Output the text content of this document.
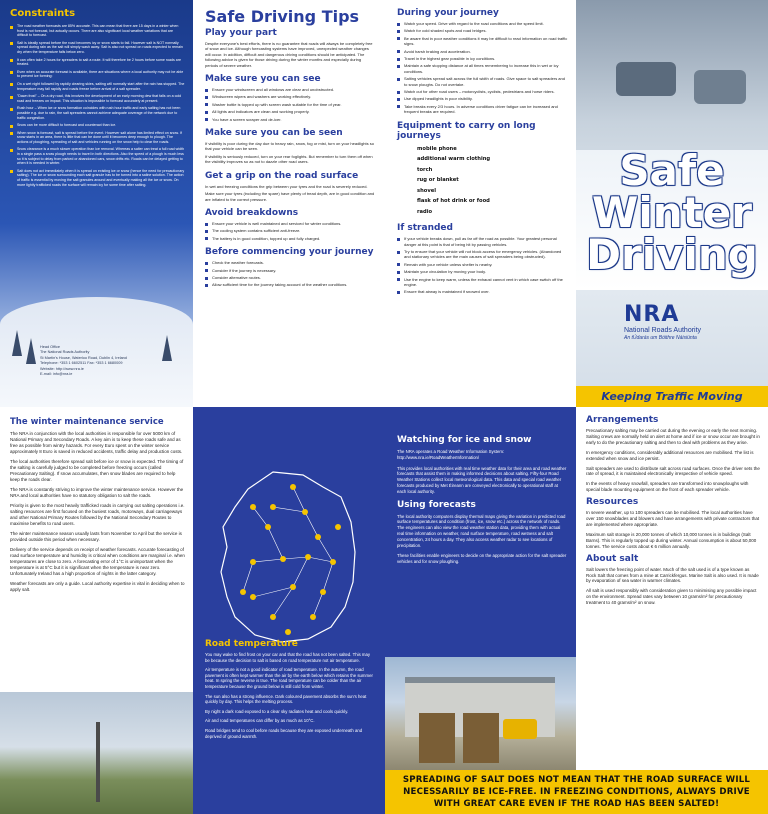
Constraints
The road weather forecasts are 85% accurate. This can mean that there are 15 days in a winter when frost is not forecast, but actually occurs. There are also significant local weather variations that are difficult to forecast.
Salt is ideally spread before the road becomes icy or snow starts to fall. However salt is NOT normally spread during rain as the salt will simply wash away. Salt is also not spread on roads expected to remain dry when the temperature falls below zero.
It can often take 2 hours for spreaders to salt a route. It will therefore be 2 hours before some roads are treated.
Even when an accurate forecast is available, there are situations where a local authority may not be able to prevent ice forming:
On a wet night followed by rapidly clearing skies, salting will normally start after the rain has stopped. The temperature may fall rapidly and roads freeze before arrival of a salt spreader.
"Dawn frost" – On a dry road, this involves the development of an early morning dew that falls on a cold road and freezes on impact. This situation is impossible to forecast accurately at present.
Rush hour – When ice or snow formation coincides with rush hour traffic and early salting has not been possible e.g. due to rain, the salt spreaders cannot achieve adequate coverage of the network due to traffic congestion.
Snow can be more difficult to forecast and counteract than ice.
When snow is forecast, salt is spread before the event. However salt alone has limited effect on snow. If snow starts in an area, there is little that can be done until it becomes deep enough to plough. The actions of ploughing, spreading of salt and vehicles running on the snow help to clear the roads.
Snow clearance is a much slower operation than ice removal. Whereas a salter can treat a full road width in a single pass a snow plough needs to travel in both directions. Also the speed of a plough is much less so it is subject to delay from parked or abandoned cars, snow drifts etc. Roads can be delayed getting to when it is needed in winter.
Salt does not act immediately when it is spread on existing ice or snow (hence the need for precautionary salting). The ice or snow surrounding each salt granule has to be turned into a saline solution. The action of traffic is essential by moving the salt granules around and eventually making all the ice or snow. On more lightly trafficked roads the surface will remain icy for some time after salting.
Head Office
The National Roads Authority
St Martin's House, Waterloo Road, Dublin 4, Ireland
Telephone: *353 1 6602511 Fax: *353 1 6680009
Website: http://www.nra.ie
E-mail: info@nra.ie
Safe Driving Tips
Play your part
Despite everyone's best efforts, there is no guarantee that roads will always be completely free of snow and ice. Although forecasting systems have improved, unexpected weather changes will occur. In addition, difficult and dangerous driving conditions should be anticipated. The following advice is given for those driving during the winter months and especially during periods of severe weather.
Make sure you can see
Ensure your windscreen and all windows are clear and unobstructed.
Windscreen wipers and washers are working effectively.
Washer bottle is topped up with screen wash suitable for the time of year.
All lights and indicators are clean and working properly.
You have a screen scraper and de-icer.
Make sure you can be seen
If visibility is poor during the day due to heavy rain, snow, fog or mist, turn on your headlights so that your vehicle can be seen.
If visibility is seriously reduced, turn on your rear foglights. But remember to turn them off when the visibility improves so as not to dazzle other road users.
Get a grip on the road surface
In wet and freezing conditions the grip between your tyres and the road is severely reduced.
Make sure your tyres (including the spare) have plenty of tread depth, are in good condition and are inflated to the correct pressure.
Avoid breakdowns
Ensure your vehicle is well maintained and serviced for winter conditions.
The cooling system contains sufficient anti-freeze.
The battery is in good condition, topped up and fully charged.
Before commencing your journey
Check the weather forecasts.
Consider if the journey is necessary.
Consider alternative routes.
Allow sufficient time for the journey taking account of the weather conditions.
During your journey
Watch your speed. Drive with regard to the road conditions and the speed limit.
Watch for cold shaded spots and road bridges.
Be aware that in poor weather conditions it may be difficult to read information on road traffic signs.
Avoid harsh braking and acceleration.
Travel in the highest gear possible in icy conditions.
Maintain a safe stopping distance at all times remembering to increase this in wet or icy conditions.
Salting vehicles spread salt across the full width of roads. Give space to salt spreaders and to snow ploughs. Do not overtake.
Watch out for other road users – motorcyclists, cyclists, pedestrians and horse riders.
Use dipped headlights in poor visibility.
Take breaks every 2/3 hours. In adverse conditions driver fatigue can be increased and frequent breaks are required.
Equipment to carry on long journeys
mobile phone
additional warm clothing
torch
rug or blanket
shovel
flask of hot drink or food
radio
If stranded
If your vehicle breaks down, pull as far off the road as possible. Your greatest personal danger at this point is that of being hit by passing vehicles.
Try to ensure that your vehicle will not block access for emergency vehicles. (Abandoned and stationary vehicles are the main causes of salt spreaders being obstructed).
Remain with your vehicle unless shelter is nearby.
Maintain your circulation by moving your body.
Use the engine to keep warm, unless the exhaust cannot vent in which case switch off the engine.
Ensure that airway is maintained if snowed over.
Safe
Winter
Driving
NRA
National Roads Authority
An tÚdarás um Bóithre Náisiúnta
Keeping Traffic Moving
The winter maintenance service
The NRA in conjunction with the local authorities is responsible for over 5000 km of National Primary and Secondary Roads. A key aim is to keep these roads safe and as free as possible from wintry hazards. For every Euro spent on the winter service approximately 8 Euro is saved in reduced accidents, traffic delay and production costs.
The local authorities therefore spread salt before ice or snow is expected. The timing of the salting is carefully judged to be completed before freezing occurs (called Precautionary Salting). If snow accumulates, then snow blades are required to help keep the roads clear.
The NRA is constantly striving to improve the winter maintenance service. However the NRA and local authorities have no statutory obligation to salt the roads.
Priority is given to the most heavily trafficked roads in carrying out salting operations i.e. salting resources are first focused on the busiest roads, motorways, dual carriageways and other National Primary Routes followed by the National Secondary Routes to maximise benefits to road users.
The winter maintenance season usually lasts from November to April but the service is provided outside this period when necessary.
Delivery of the service depends on receipt of weather forecasts. Accurate forecasting of road surface temperature and humidity is critical when conditions are marginal i.e. when temperatures are close to zero. A forecasting error of 1°C is unimportant when the temperature is at 5°C but it is significant when the temperature is near zero. Unfortunately Ireland has a high proportion of nights in the latter category.
Weather forecasts are only a guide. Local authority expertise is vital in deciding when to apply salt.
Road temperature
You may wake to find frost on your car and that the road has not been salted. This may be because the decision to salt is based on road temperature not air temperature.
Air temperature is not a good indicator of road temperature. In the autumn, the road pavement is often kept warmer than the air by the earth below which retains the summer heat. In spring the reverse is true. The road temperature can be colder than the air temperature because the ground below is still cold from winter.
The sun also has a strong influence. Dark coloured pavement absorbs the sun's heat quickly by day. This helps the melting process.
By night a dark road exposed to a clear sky radiates heat and cools quickly.
Air and road temperatures can differ by as much as 10°C.
Road bridges tend to cool before roads because they are exposed underneath and deprived of ground warmth.
Watching for ice and snow
The NRA operates a Road Weather Information System: http://www.nra.ie/RoadWeatherInformation/
This provides local authorities with real time weather data for their area and road weather forecasts that assist them in making informed decisions about salting. Fifty-four Road Weather Stations collect local meteorological data. This data and special road weather forecasts produced by Met Éireann are conveyed electronically to operational staff at each local authority.
Using forecasts
The local authority computers display thermal maps giving the variation in predicted road surface temperatures and condition (frost, ice, snow etc.) across the network of roads. The engineers can also view the road weather station data, providing them with actual real time information on weather, road surface temperature, road wetness and salt concentration, 24 hours a day. They also access weather radar to see locations of precipitation.
These facilities enable engineers to decide on the appropriate action for the salt spreader vehicles and for snow ploughing.
Arrangements
Precautionary salting may be carried out during the evening or early the next morning. Salting crews are normally held on alert at home and if ice or snow occur are brought in early to do the precautionary salting and then to deal with problems as they arise.
In emergency conditions, considerably additional resources are mobilised. The list is extended when snow and ice persist.
Salt spreaders are used to distribute salt across road surfaces. Once the driver sets the rate of spread, it is maintained electronically irrespective of vehicle speed.
In the events of heavy snowfall, spreaders are transformed into snowploughs with special blade mounting equipment on the front of each spreader vehicle.
Resources
In severe weather, up to 100 spreaders can be mobilised. The local authorities have over 150 snowblades and blowers and have arrangements with private contractors that are implemented where appropriate.
Maximum salt storage is 20,000 tonnes of which 10,000 tonnes is in buildings (Salt Barns). This is regularly topped up during winter. Annual consumption is about 50,000 tonnes. The service costs about € 6 million annually.
About salt
Salt lowers the freezing point of water. Much of the salt used is of a type known as Rock Salt that comes from a mine at Carrickfergus. Marine Salt is also used. It is made by evaporation of sea water in warmer climates.
All salt is used responsibly with consideration given to minimising any possible impact on the environment. Spread rates vary between 10 grams/m² for precautionary treatment to 40 grams/m² on snow.
SPREADING OF SALT DOES NOT MEAN THAT THE ROAD SURFACE WILL NECESSARILY BE ICE-FREE. IN FREEZING CONDITIONS, ALWAYS DRIVE WITH GREAT CARE EVEN IF THE ROAD HAS BEEN SALTED!
